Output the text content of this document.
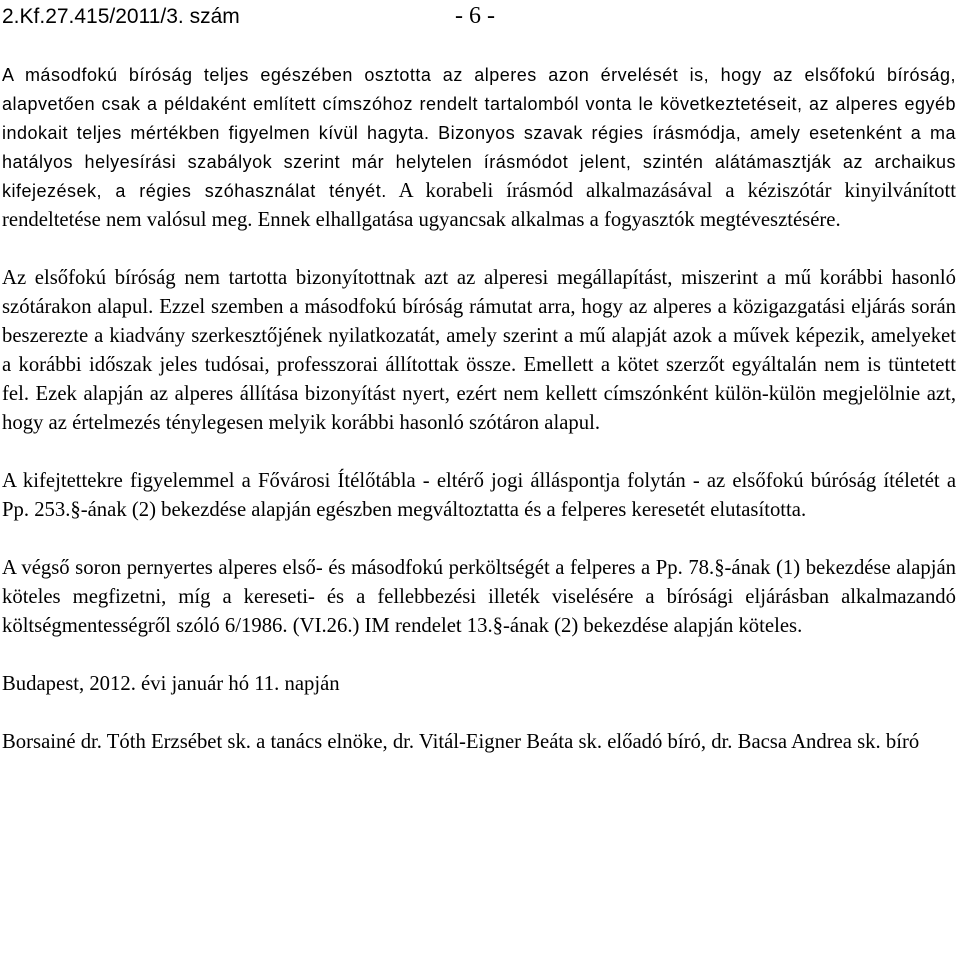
2.Kf.27.415/2011/3. szám	- 6 -

A másodfokú bíróság teljes egészében osztotta az alperes azon érvelését is, hogy az elsőfokú bíróság, alapvetően csak a példaként említett címszóhoz rendelt tartalomból vonta le következtetéseit, az alperes egyéb indokait teljes mértékben figyelmen kívül hagyta. Bizonyos szavak régies írásmódja, amely esetenként a ma hatályos helyesírási szabályok szerint már helytelen írásmódot jelent, szintén alátámasztják az archaikus kifejezések, a régies szóhasználat tényét. A korabeli írásmód alkalmazásával a kéziszótár kinyilvánított rendeltetése nem valósul meg. Ennek elhallgatása ugyancsak alkalmas a fogyasztók megtévesztésére.

Az elsőfokú bíróság nem tartotta bizonyítottnak azt az alperesi megállapítást, miszerint a mű korábbi hasonló szótárakon alapul. Ezzel szemben a másodfokú bíróság rámutat arra, hogy az alperes a közigazgatási eljárás során beszerezte a kiadvány szerkesztőjének nyilatkozatát, amely szerint a mű alapját azok a művek képezik, amelyeket a korábbi időszak jeles tudósai, professzorai állítottak össze. Emellett a kötet szerzőt egyáltalán nem is tüntetett fel. Ezek alapján az alperes állítása bizonyítást nyert, ezért nem kellett címszónként külön-külön megjelölnie azt, hogy az értelmezés ténylegesen melyik korábbi hasonló szótáron alapul.

A kifejtettekre figyelemmel a Fővárosi Ítélőtábla - eltérő jogi álláspontja folytán - az elsőfokú búróság ítéletét a Pp. 253.§-ának (2) bekezdése alapján egészben megváltoztatta és a felperes keresetét elutasította.

A végső soron pernyertes alperes első- és másodfokú perköltségét a felperes a Pp. 78.§-ának (1) bekezdése alapján köteles megfizetni, míg a kereseti- és a fellebbezési illeték viselésére a bírósági eljárásban alkalmazandó költségmentességről szóló 6/1986. (VI.26.) IM rendelet 13.§-ának (2) bekezdése alapján köteles.

Budapest, 2012. évi január hó 11. napján

Borsainé dr. Tóth Erzsébet sk. a tanács elnöke, dr. Vitál-Eigner Beáta sk. előadó bíró, dr. Bacsa Andrea sk. bíró
